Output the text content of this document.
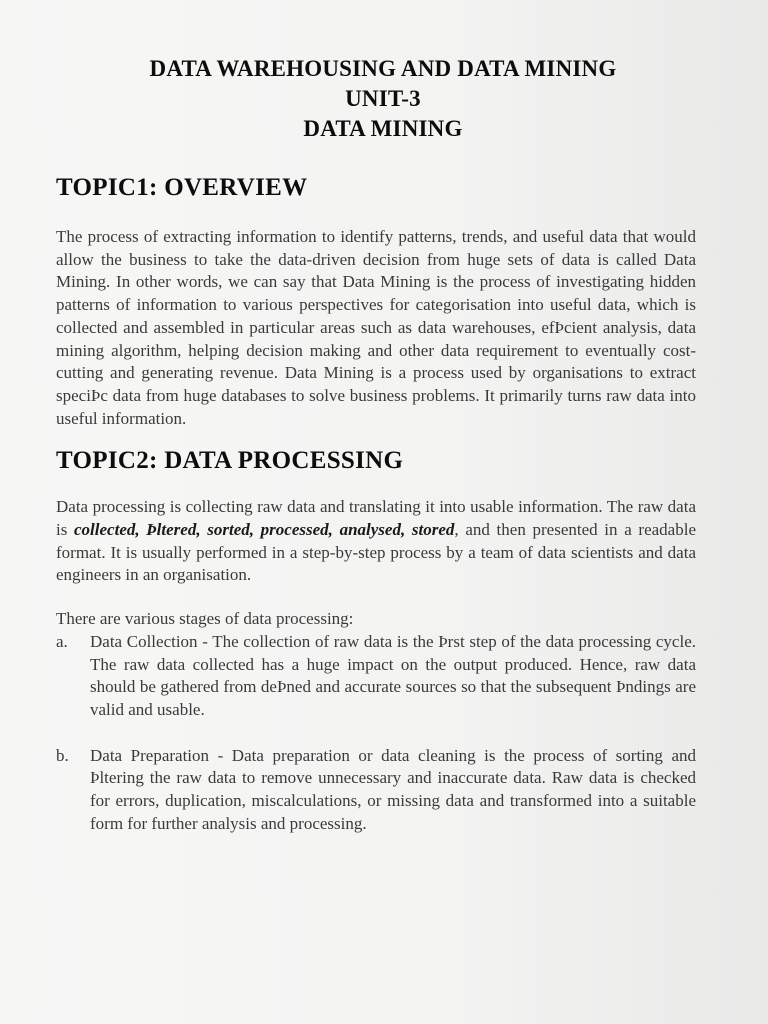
DATA WAREHOUSING AND DATA MINING
UNIT-3
DATA MINING
TOPIC1: OVERVIEW

The process of extracting information to identify patterns, trends, and useful data that would allow the business to take the data-driven decision from huge sets of data is called Data Mining. In other words, we can say that Data Mining is the process of investigating hidden patterns of information to various perspectives for categorisation into useful data, which is collected and assembled in particular areas such as data warehouses, efÞcient analysis, data mining algorithm, helping decision making and other data requirement to eventually cost-cutting and generating revenue. Data Mining is a process used by organisations to extract speciÞc data from huge databases to solve business problems. It primarily turns raw data into useful information.

TOPIC2: DATA PROCESSING

Data processing is collecting raw data and translating it into usable information. The raw data is collected, Þltered, sorted, processed, analysed, stored, and then presented in a readable format. It is usually performed in a step-by-step process by a team of data scientists and data engineers in an organisation.

There are various stages of data processing:

a.	Data Collection - The collection of raw data is the Þrst step of the data processing cycle. The raw data collected has a huge impact on the output produced. Hence, raw data should be gathered from deÞned and accurate sources so that the subsequent Þndings are valid and usable.
b.	Data Preparation - Data preparation or data cleaning is the process of sorting and Þltering the raw data to remove unnecessary and inaccurate data. Raw data is checked for errors, duplication, miscalculations, or missing data and transformed into a suitable form for further analysis and processing.
